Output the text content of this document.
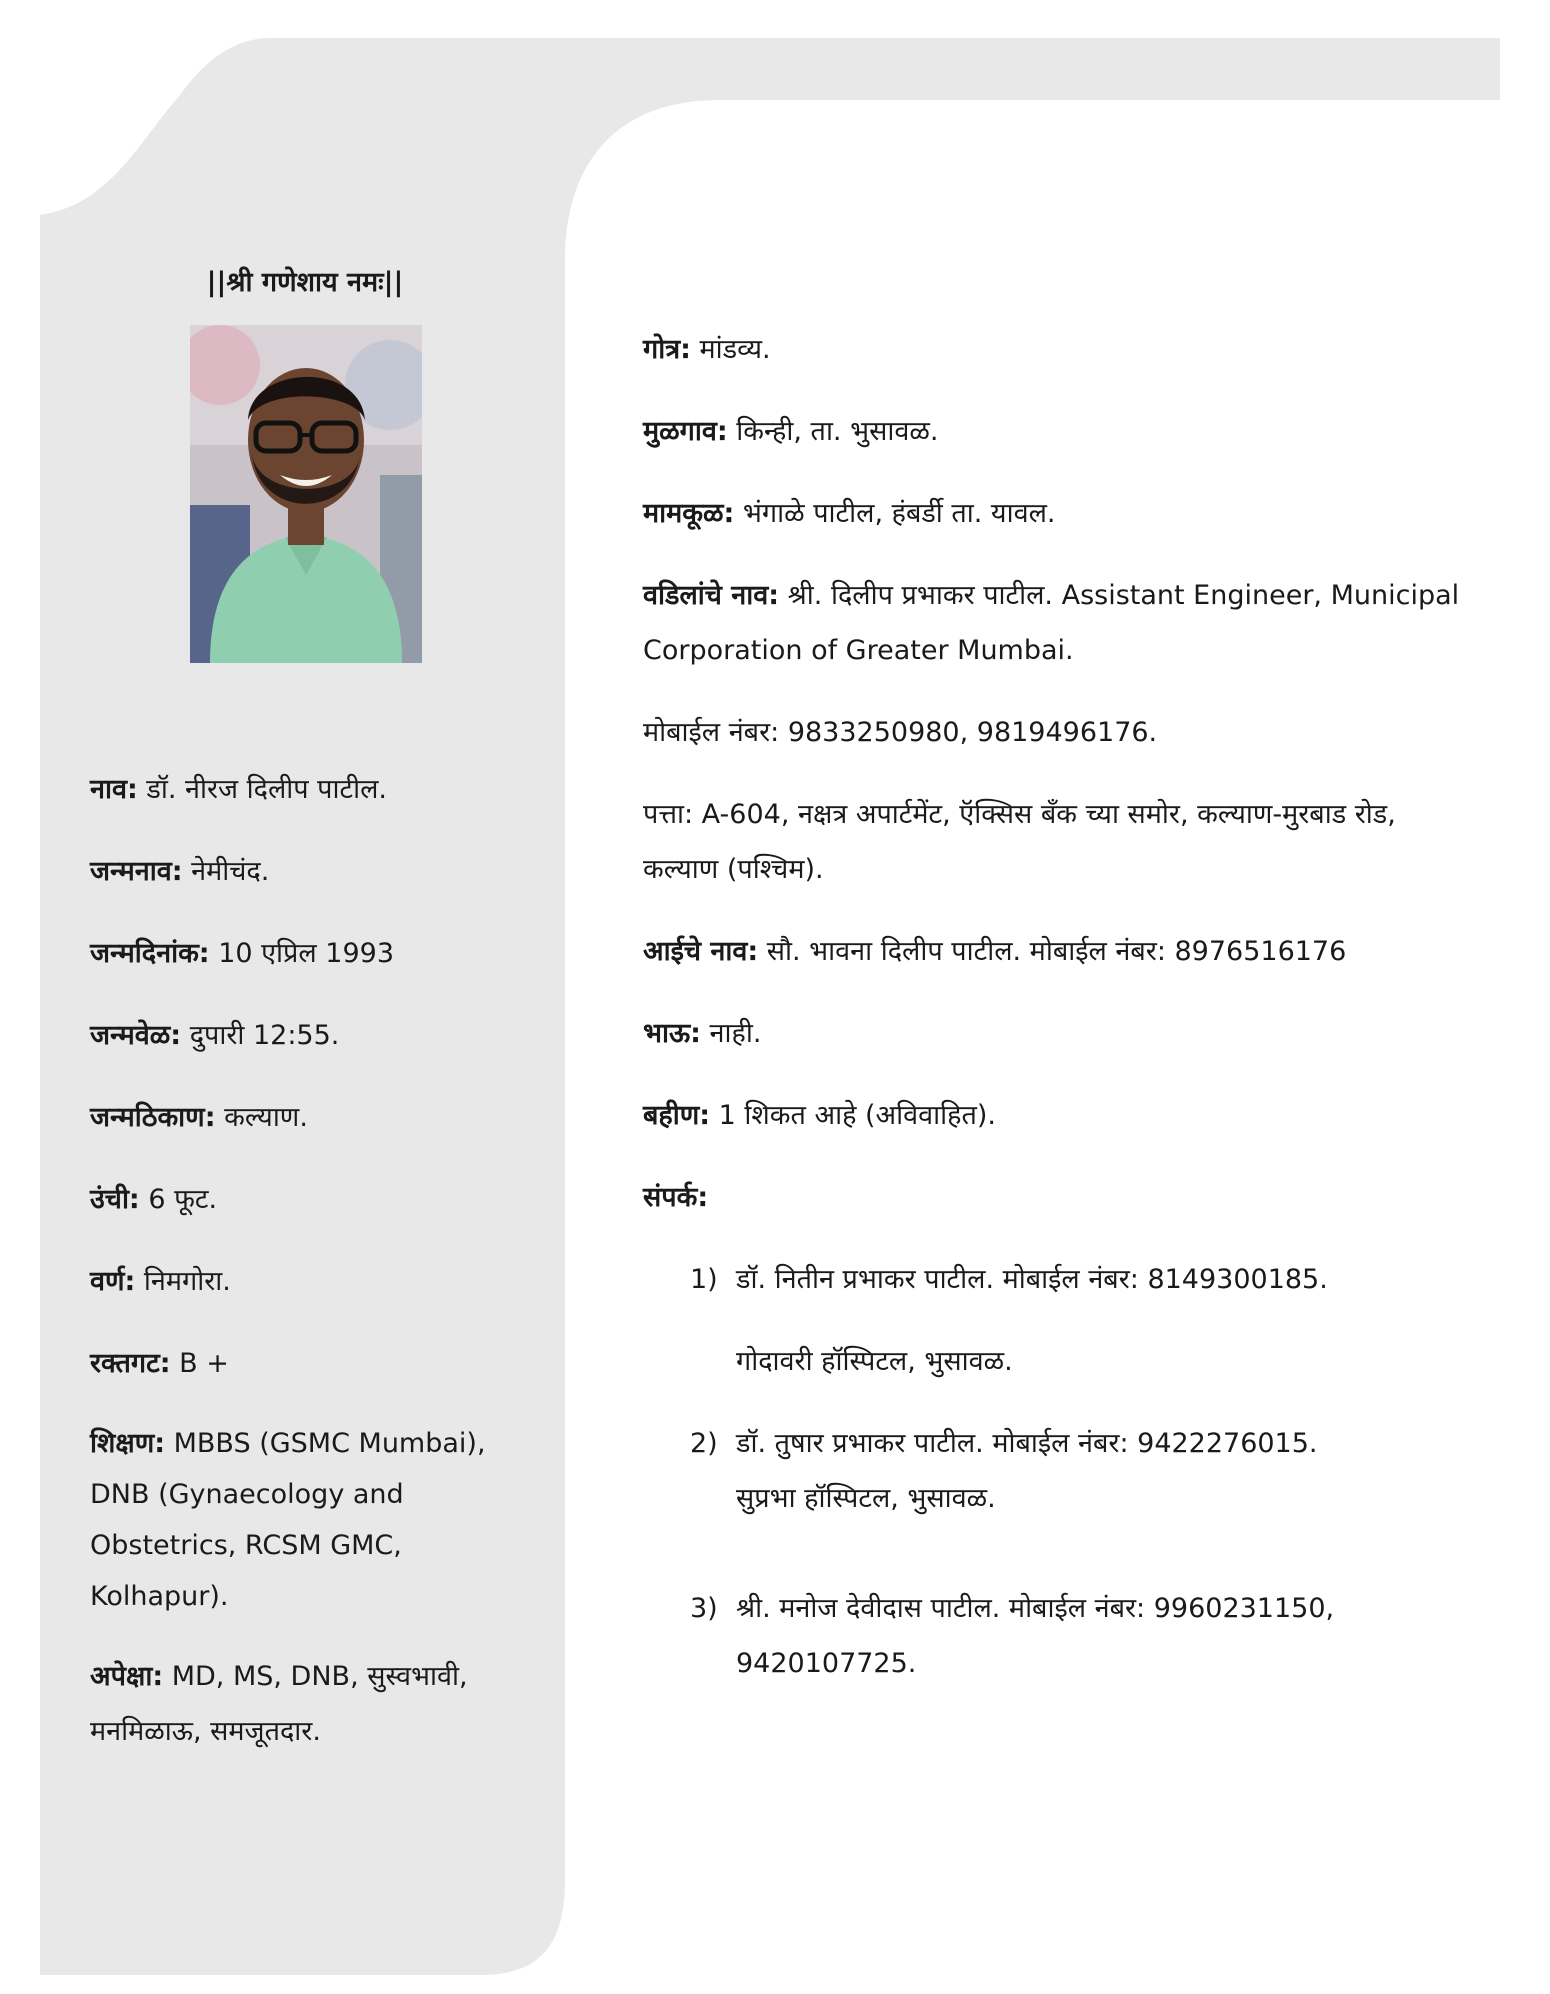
||श्री गणेशाय नमः||
नाव: डॉ. नीरज दिलीप पाटील.
जन्मनाव: नेमीचंद.
जन्मदिनांक: 10 एप्रिल 1993
जन्मवेळ: दुपारी 12:55.
जन्मठिकाण: कल्याण.
उंची: 6 फूट.
वर्ण: निमगोरा.
रक्तगट: B +
शिक्षण: MBBS (GSMC Mumbai), DNB (Gynaecology and Obstetrics, RCSM GMC, Kolhapur).
अपेक्षा: MD, MS, DNB, सुस्वभावी, मनमिळाऊ, समजूतदार.
गोत्र: मांडव्य.
मुळगाव: किन्ही, ता. भुसावळ.
मामकूळ: भंगाळे पाटील, हंबर्डी ता. यावल.
वडिलांचे नाव: श्री. दिलीप प्रभाकर पाटील. Assistant Engineer, Municipal Corporation of Greater Mumbai.
मोबाईल नंबर: 9833250980, 9819496176.
पत्ता: A-604, नक्षत्र अपार्टमेंट, ऍक्सिस बँक च्या समोर, कल्याण-मुरबाड रोड, कल्याण (पश्चिम).
आईचे नाव: सौ. भावना दिलीप पाटील. मोबाईल नंबर: 8976516176
भाऊ: नाही.
बहीण: 1 शिकत आहे (अविवाहित).
संपर्क:
1) डॉ. नितीन प्रभाकर पाटील. मोबाईल नंबर: 8149300185.
गोदावरी हॉस्पिटल, भुसावळ.
2) डॉ. तुषार प्रभाकर पाटील. मोबाईल नंबर: 9422276015.
सुप्रभा हॉस्पिटल, भुसावळ.
3) श्री. मनोज देवीदास पाटील. मोबाईल नंबर: 9960231150,
9420107725.
